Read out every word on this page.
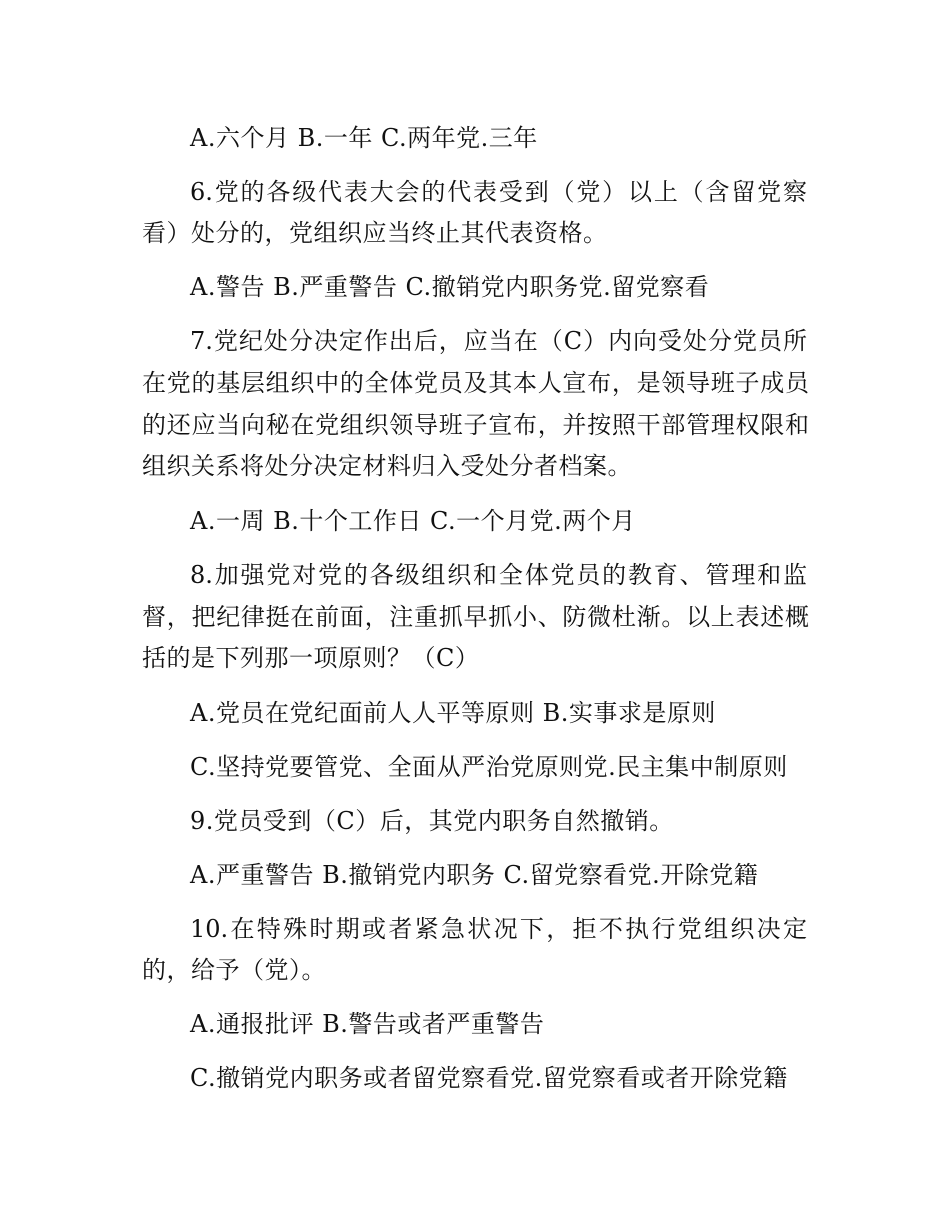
A.六个月 B.一年 C.两年党.三年
6.党的各级代表大会的代表受到（党）以上（含留党察
看）处分的，党组织应当终止其代表资格。
A.警告 B.严重警告 C.撤销党内职务党.留党察看
7.党纪处分决定作出后，应当在（C）内向受处分党员所
在党的基层组织中的全体党员及其本人宣布，是领导班子成员
的还应当向秘在党组织领导班子宣布，并按照干部管理权限和
组织关系将处分决定材料归入受处分者档案。
A.一周 B.十个工作日 C.一个月党.两个月
8.加强党对党的各级组织和全体党员的教育、管理和监
督，把纪律挺在前面，注重抓早抓小、防微杜渐。以上表述概
括的是下列那一项原则？（C）
A.党员在党纪面前人人平等原则 B.实事求是原则
C.坚持党要管党、全面从严治党原则党.民主集中制原则
9.党员受到（C）后，其党内职务自然撤销。
A.严重警告 B.撤销党内职务 C.留党察看党.开除党籍
10.在特殊时期或者紧急状况下，拒不执行党组织决定
的，给予（党）。
A.通报批评 B.警告或者严重警告
C.撤销党内职务或者留党察看党.留党察看或者开除党籍
